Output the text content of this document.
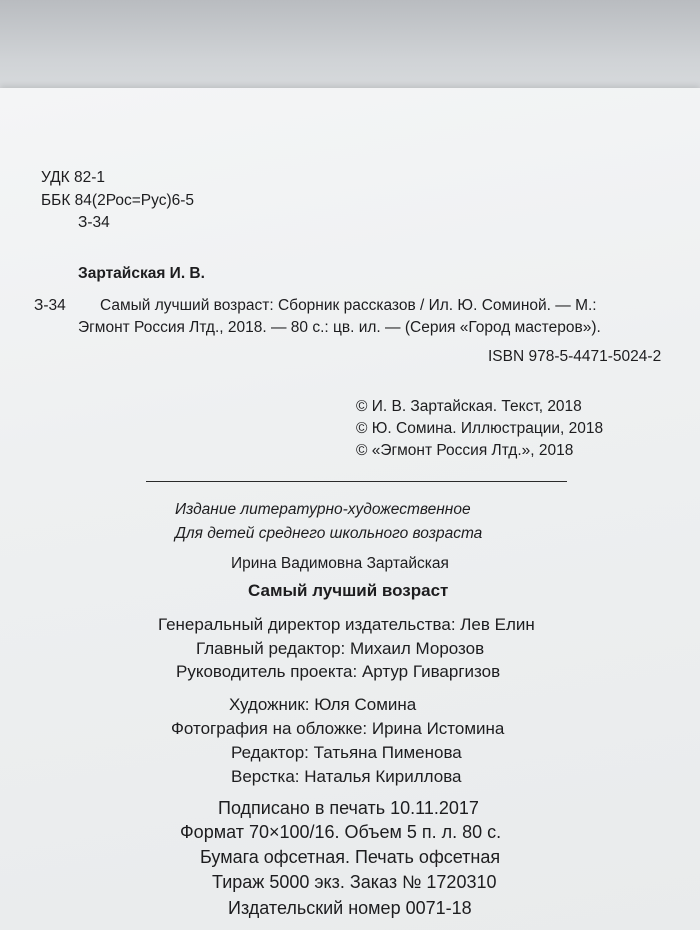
УДК 82-1
ББК 84(2Рос=Рус)6-5
З-34
Зартайская И. В.
З-34 Самый лучший возраст: Сборник рассказов / Ил. Ю. Соминой. — М.:
Эгмонт Россия Лтд., 2018. — 80 с.: цв. ил. — (Серия «Город мастеров»).
ISBN 978-5-4471-5024-2
© И. В. Зартайская. Текст, 2018
© Ю. Сомина. Иллюстрации, 2018
© «Эгмонт Россия Лтд.», 2018
Издание литературно-художественное
Для детей среднего школьного возраста
Ирина Вадимовна Зартайская
Самый лучший возраст
Генеральный директор издательства: Лев Елин
Главный редактор: Михаил Морозов
Руководитель проекта: Артур Гиваргизов
Художник: Юля Сомина
Фотография на обложке: Ирина Истомина
Редактор: Татьяна Пименова
Верстка: Наталья Кириллова
Подписано в печать 10.11.2017
Формат 70×100/16. Объем 5 п. л. 80 с.
Бумага офсетная. Печать офсетная
Тираж 5000 экз. Заказ № 1720310
Издательский номер 0071-18
